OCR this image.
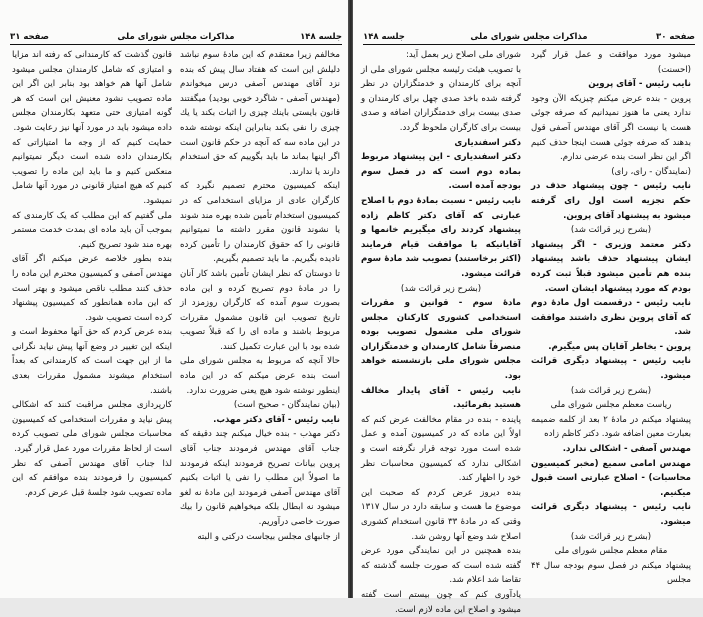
جلسه ۱۴۸
مذاکرات مجلس شورای ملی
صفحه ۳۱

مخالفم زیرا معتقدم که این مادهٔ سوم نباشد دلیلش این است که هفتاد سال پیش که بنده نزد آقای مهندس آصفی درس میخواندم (مهندس آصفی - شاگرد خوبی بودید) میگفتند قانون بایستی باینك چیزی را اثبات بکند یا یك چیزی را نفی بکند بنابراین اینكه نوشته شده در این ماده سه که آنچه در حکم قانون است اگر اینها بماند ما باید بگوییم که حق استخدام دارند یا ندارند.

اینكه کمیسیون محترم تصمیم نگیرد که کارگران عادی از مزایای استخدامی که در کمیسیون استخدام تأمین شده بهره مند شوند یا نشوند قانون مقرر داشته ما نمیتوانیم قانونی را که حقوق کارمندان را تأمین کرده نادیده بگیریم. ما باید تصمیم بگیریم.

تا دوستان که نظر ایشان تأمین باشد کار آنان را در مادهٔ دوم تصریح کرده و این ماده بصورت سوم آمده که کارگران روزمزد از تاریخ تصویب این قانون مشمول مقررات مربوط باشند و ماده ای را که قبلاً تصویب شده بود با این عبارت تکمیل کنند.

حالا آنچه که مربوط به مجلس شورای ملی است بنده عرض میکنم که در این ماده اینطور نوشته شود هیچ یعنی ضرورت ندارد.

(بیان نمایندگان - صحیح است)

نایب رئیس - آقای دکتر مهذب.

دکتر مهذب - بنده خیال میکنم چند دقیقه که جناب آقای مهندس فرمودند جناب آقای پروین بیانات تصریح فرمودند اینكه فرمودند ما اصولاً این مطلب را نفی یا اثبات بکنیم آقای مهندس آصفی فرمودند این مادهٔ نه لغو میشود نه ابطال بلکه میخواهیم قانون را بیك صورت خاصی درآوریم.

از جانبهای مجلس بیجاست درکتی و البته

قانون گذشت که کارمندانی که رفته اند مزایا و امتیازی که شامل کارمندان مجلس میشود شامل آنها هم خواهد بود بنابر این اگر این ماده تصویب نشود معنیش این است که هر گونه امتیازی حتی متعهد بکارمندان مجلس داده میشود باید در مورد آنها نیز رعایت شود.

حمایت کنیم که از وجه ما امتیازاتی که بکارمندان داده شده است دیگر نمیتوانیم منعکس کنیم و ما باید این ماده را تصویب کنیم که هیچ امتیاز قانونی در مورد آنها شامل نمیشود.

ملی گفتیم که این مطلب که یک کارمندی که بموجب آن باید ماده ای بمدت خدمت مستمر بهره مند شود تصریح کنیم.

بنده بطور خلاصه عرض میکنم اگر آقای مهندس آصفی و کمیسیون محترم این ماده را حذف کنند مطلب ناقص میشود و بهتر است که این ماده همانطور که کمیسیون پیشنهاد کرده است تصویب شود.

بنده عرض کردم که حق آنها محفوظ است و اینكه این تغییر در وضع آنها پیش نیاید نگرانی ما از این جهت است که کارمندانی که بعداً استخدام میشوند مشمول مقررات بعدی باشند.

کارپردازی مجلس مراقبت کنند که اشکالی پیش نیاید و مقررات استخدامی که کمیسیون محاسبات مجلس شورای ملی تصویب کرده است از لحاظ مقررات مورد عمل قرار گیرد.

لذا جناب آقای مهندس آصفی که نظر کمیسیون را فرمودند بنده موافقم که این ماده تصویب شود جلسهٔ قبل عرض کردم.

صفحه ۳۰
مذاکرات مجلس شورای ملی
جلسه ۱۴۸

میشود مورد موافقت و عمل قرار گیرد (احسنت)

نایب رئیس - آقای پروین

پروین - بنده عرض میکنم چیزیکه الآن وجود ندارد یعنی ما هنوز نمیدانیم که صرفه جوئی هست یا نیست اگر آقای مهندس آصفی قول بدهند که صرفه جوئی هست اینجا حذف کنیم اگر این نظر است بنده عرضی ندارم.

(نمایندگان - رای، رای)

نایب رئیس - چون پیشنهاد حذف در حکم تجزیه است اول رای گرفته میشود به پیشنهاد آقای پروین.

(بشرح زیر قرائت شد)

دکتر معتمد وزیری - اگر پیشنهاد ایشان پیشنهاد حذف باشد پیشنهاد بنده هم تأمین میشود قبلاً ثبت کرده بودم که مورد پیشنهاد ایشان است.

نایب رئیس - درقسمت اول مادهٔ دوم که آقای پروین نظری داشتند موافقت شد.

پروین - بخاطر آقایان پس میگیرم.

نایب رئیس - پیشنهاد دیگری قرائت میشود.

(بشرح زیر قرائت شد)

ریاست معظم مجلس شورای ملی

پیشنهاد میکنم در مادهٔ ۲ بعد از کلمه ضمیمه بعبارت معین اضافه شود. دکتر کاظم زاده

مهندس آصفی - اشکالی ندارد.

مهندس امامی سمیع (مخبر کمیسیون محاسبات) - اصلاح عبارتی است قبول میکنیم.

نایب رئیس - پیشنهاد دیگری قرائت میشود.

(بشرح زیر قرائت شد)

مقام معظم مجلس شورای ملی

پیشنهاد میکنم در فصل سوم بودجه سال ۴۴ مجلس

شورای ملی اصلاح زیر بعمل آید:

با تصویب هیئت رئیسه مجلس شورای ملی از آنچه برای کارمندان و خدمتگزاران در نظر گرفته شده باخذ صدی چهل برای کارمندان و صدی بیست برای خدمتگزاران اضافه و صدی بیست برای کارگران ملحوظ گردد.

دکتر اسفندیاری

دکتر اسفندیاری - این پیشنهاد مربوط بماده دوم است که در فصل سوم بودجه آمده است.

نایب رئیس - نسبت بمادهٔ دوم با اصلاح عبارتی که آقای دکتر کاظم زاده پیشنهاد کردند رای میگیریم خانمها و آقایانیکه با موافقت قیام فرمایند (اکثر برخاستند) تصویب شد مادهٔ سوم قرائت میشود.

(بشرح زیر قرائت شد)

مادهٔ سوم - قوانین و مقررات استخدامی کشوری کارکنان مجلس شورای ملی مشمول تصویب بوده منصرفاً شامل کارمندان و خدمتگزاران مجلس شورای ملی بازنشسته خواهد بود.

نایب رئیس - آقای پایدار مخالف هستید بفرمائید.

پاینده - بنده در مقام مخالفت عرض کنم که اولاً این ماده که در کمیسیون آمده و عمل شده است مورد توجه قرار نگرفته است و اشکالی ندارد که کمیسیون محاسبات نظر خود را اظهار کند.

بنده دیروز عرض کردم که صحبت این موضوع ما هست و سابقه دارد در سال ۱۳۱۷ وقتی که در مادهٔ ۳۳ قانون استخدام کشوری اصلاح شد وضع آنها روشن شد.

بنده همچنین در این نمایندگی مورد عرض گفته شده است که صورت جلسه گذشته که تقاضا شد اعلام شد.

یادآوری کنم که چون بیستم است گفته میشود و اصلاح این ماده لازم است.
